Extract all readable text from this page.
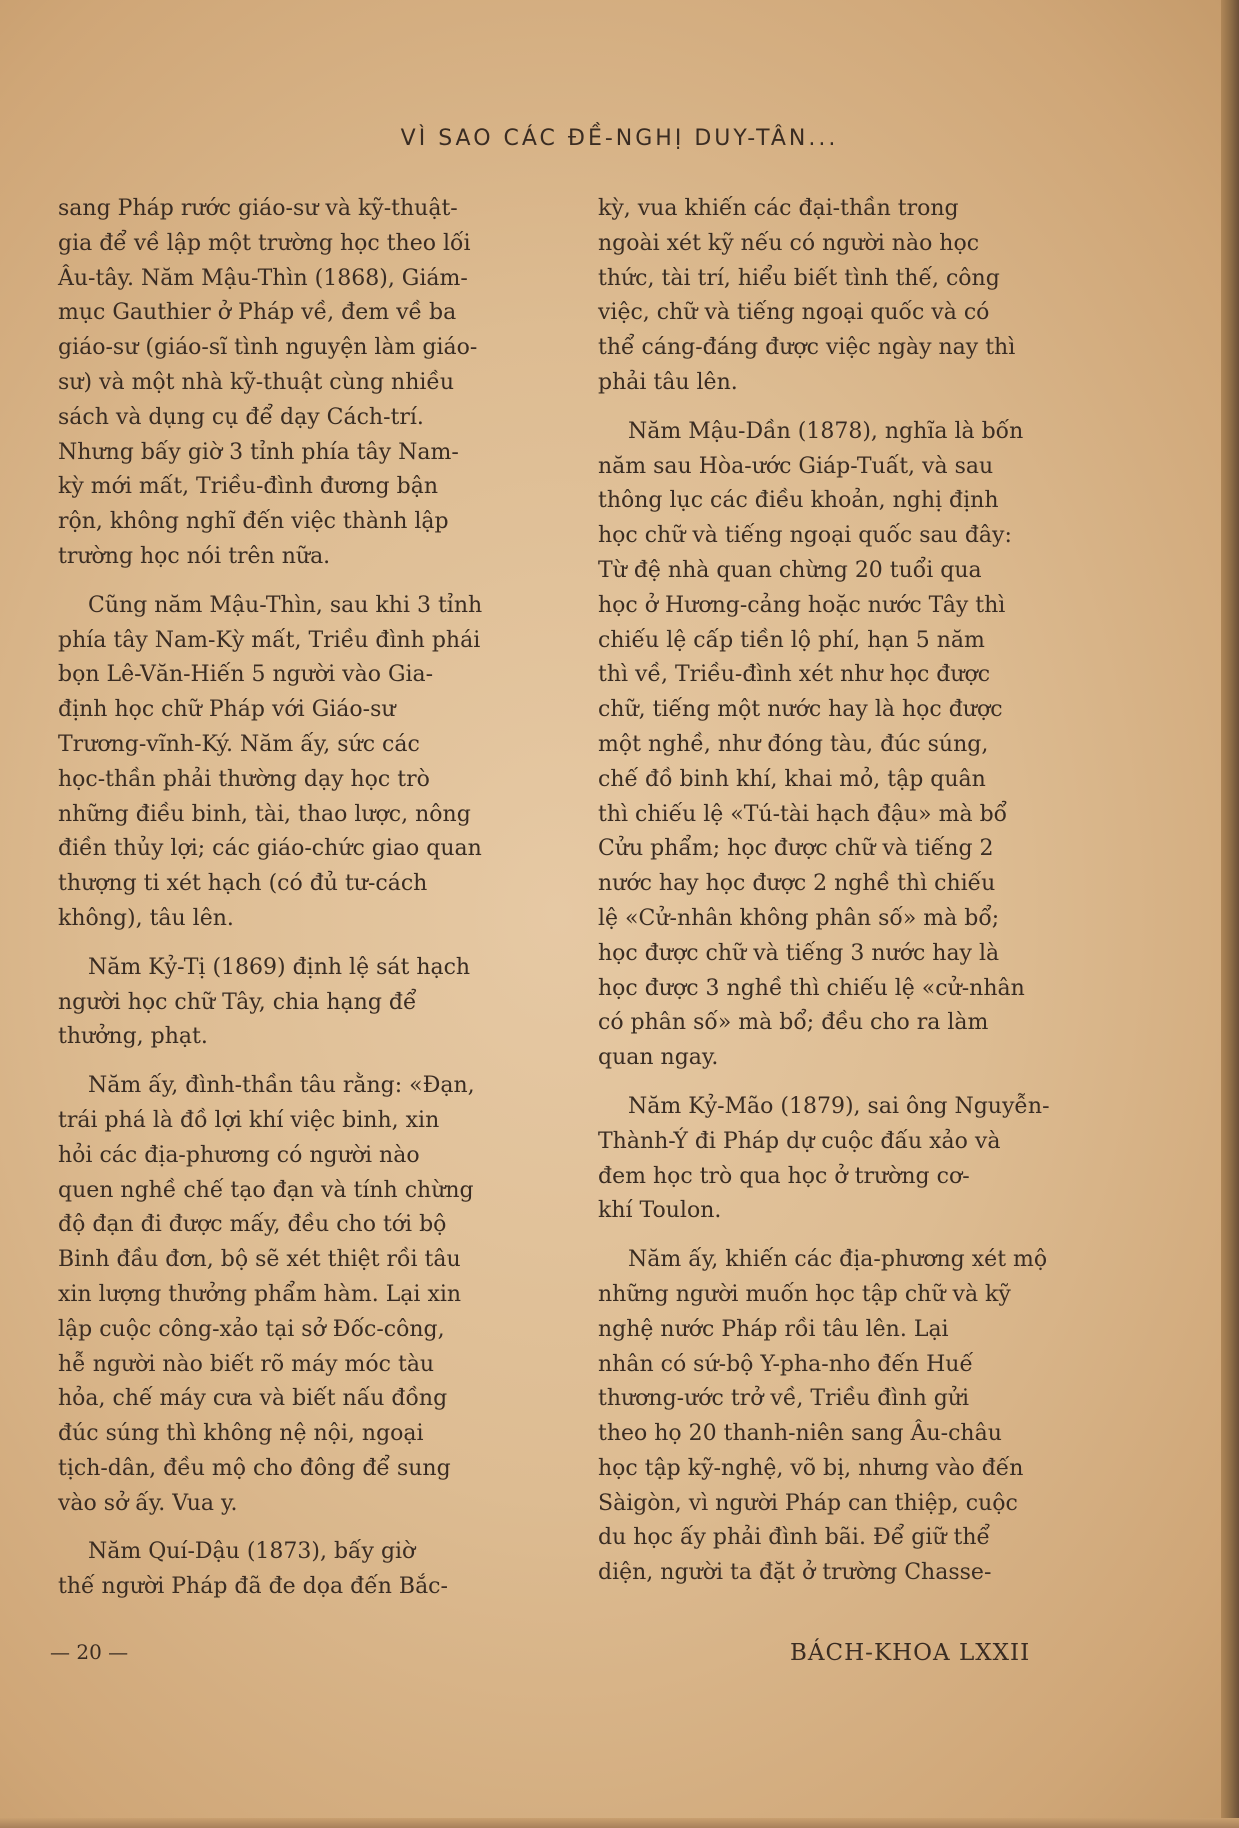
VÌ SAO CÁC ĐỀ-NGHỊ DUY-TÂN...

sang Pháp rước giáo-sư và kỹ-thuật-
gia để về lập một trường học theo lối
Âu-tây. Năm Mậu-Thìn (1868), Giám-
mục Gauthier ở Pháp về, đem về ba
giáo-sư (giáo-sĩ tình nguyện làm giáo-
sư) và một nhà kỹ-thuật cùng nhiều
sách và dụng cụ để dạy Cách-trí.
Nhưng bấy giờ 3 tỉnh phía tây Nam-
kỳ mới mất, Triều-đình đương bận
rộn, không nghĩ đến việc thành lập
trường học nói trên nữa.

Cũng năm Mậu-Thìn, sau khi 3 tỉnh
phía tây Nam-Kỳ mất, Triều đình phái
bọn Lê-Văn-Hiến 5 người vào Gia-
định học chữ Pháp với Giáo-sư
Trương-vĩnh-Ký. Năm ấy, sức các
học-thần phải thường dạy học trò
những điều binh, tài, thao lược, nông
điền thủy lợi; các giáo-chức giao quan
thượng ti xét hạch (có đủ tư-cách
không), tâu lên.

Năm Kỷ-Tị (1869) định lệ sát hạch
người học chữ Tây, chia hạng để
thưởng, phạt.

Năm ấy, đình-thần tâu rằng: «Đạn,
trái phá là đồ lợi khí việc binh, xin
hỏi các địa-phương có người nào
quen nghề chế tạo đạn và tính chừng
độ đạn đi được mấy, đều cho tới bộ
Binh đầu đơn, bộ sẽ xét thiệt rồi tâu
xin lượng thưởng phẩm hàm. Lại xin
lập cuộc công-xảo tại sở Đốc-công,
hễ người nào biết rõ máy móc tàu
hỏa, chế máy cưa và biết nấu đồng
đúc súng thì không nệ nội, ngoại
tịch-dân, đều mộ cho đông để sung
vào sở ấy. Vua y.

Năm Quí-Dậu (1873), bấy giờ
thế người Pháp đã đe dọa đến Bắc-

kỳ, vua khiến các đại-thần trong
ngoài xét kỹ nếu có người nào học
thức, tài trí, hiểu biết tình thế, công
việc, chữ và tiếng ngoại quốc và có
thể cáng-đáng được việc ngày nay thì
phải tâu lên.

Năm Mậu-Dần (1878), nghĩa là bốn
năm sau Hòa-ước Giáp-Tuất, và sau
thông lục các điều khoản, nghị định
học chữ và tiếng ngoại quốc sau đây:
Từ đệ nhà quan chừng 20 tuổi qua
học ở Hương-cảng hoặc nước Tây thì
chiếu lệ cấp tiền lộ phí, hạn 5 năm
thì về, Triều-đình xét như học được
chữ, tiếng một nước hay là học được
một nghề, như đóng tàu, đúc súng,
chế đồ binh khí, khai mỏ, tập quân
thì chiếu lệ «Tú-tài hạch đậu» mà bổ
Cửu phẩm; học được chữ và tiếng 2
nước hay học được 2 nghề thì chiếu
lệ «Cử-nhân không phân số» mà bổ;
học được chữ và tiếng 3 nước hay là
học được 3 nghề thì chiếu lệ «cử-nhân
có phân số» mà bổ; đều cho ra làm
quan ngay.

Năm Kỷ-Mão (1879), sai ông Nguyễn-
Thành-Ý đi Pháp dự cuộc đấu xảo và
đem học trò qua học ở trường cơ-
khí Toulon.

Năm ấy, khiến các địa-phương xét mộ
những người muốn học tập chữ và kỹ
nghệ nước Pháp rồi tâu lên. Lại
nhân có sứ-bộ Y-pha-nho đến Huế
thương-ước trở về, Triều đình gửi
theo họ 20 thanh-niên sang Âu-châu
học tập kỹ-nghệ, võ bị, nhưng vào đến
Sàigòn, vì người Pháp can thiệp, cuộc
du học ấy phải đình bãi. Để giữ thể
diện, người ta đặt ở trường Chasse-

— 20 —	BÁCH-KHOA LXXII
